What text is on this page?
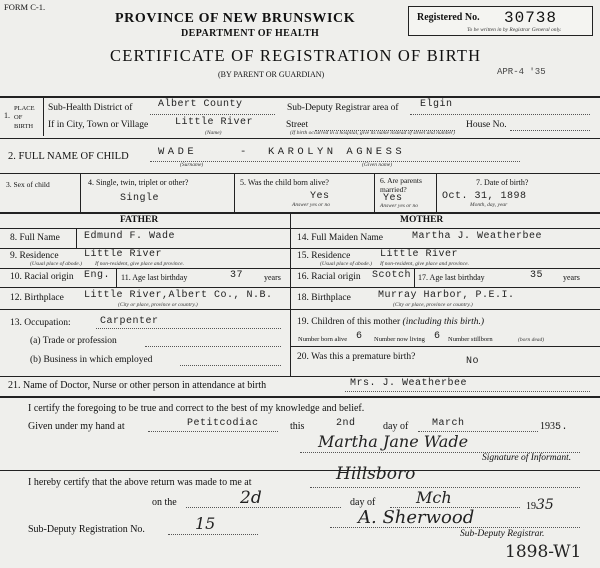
FORM C-1.
PROVINCE OF NEW BRUNSWICK
DEPARTMENT OF HEALTH
CERTIFICATE OF REGISTRATION OF BIRTH
(BY PARENT OR GUARDIAN)
Registered No. 30738
To be written in by Registrar General only.
APR-4 '35
1.
PLACE
OF
BIRTH
Sub-Health District of	Albert County	Sub-Deputy Registrar area of Elgin
If in City, Town or Village	Little River
(Name)
Street	House No.
(If birth occurred in a hospital, give its name instead of street and number)
2. FULL NAME OF CHILD	WADE	- KAROLYN AGNESS
(Surname)	(Given name)
3. Sex of child	4. Single, twin, triplet or other?
Single
5. Was the child born alive?
Yes
Answer yes or no
6. Are parents married?
Yes
Answer yes or no
7. Date of birth?
Oct. 31, 1898
Month, day, year
FATHER	MOTHER
8. Full Name Edmund F. Wade
9. Residence	Little River
(Usual place of abode.) If non-resident, give place and province.
10. Racial origin Eng. 11. Age last birthday	37	years
12. Birthplace Little River,Albert Co., N.B.
(City or place, province or country.)
13. Occupation:	Carpenter
(a) Trade or profession
(b) Business in which employed
14. Full Maiden Name	Martha J. Weatherbee
15. Residence	Little River
(Usual place of abode.) If non-resident, give place and province.
16. Racial origin Scotch 17. Age last birthday	35 years
18. Birthplace	Murray Harbor, P.E.I.
(City or place, province or country.)
19. Children of this mother (including this birth.)
Number born alive 6 Number now living 6 Number stillborn	(born dead)
20. Was this a premature birth?	No
21. Name of Doctor, Nurse or other person in attendance at birth	Mrs. J. Weatherbee
I certify the foregoing to be true and correct to the best of my knowledge and belief.
Given under my hand at	Petitcodiac	this	2nd	day of March	1935.
Martha Jane Wade
Signature of Informant.
I hereby certify that the above return was made to me at	Hillsboro
on the	2d	day of	Mch	1935
Sub-Deputy Registration No.	15	A. Sherwood
Sub-Deputy Registrar.
1898-W1
